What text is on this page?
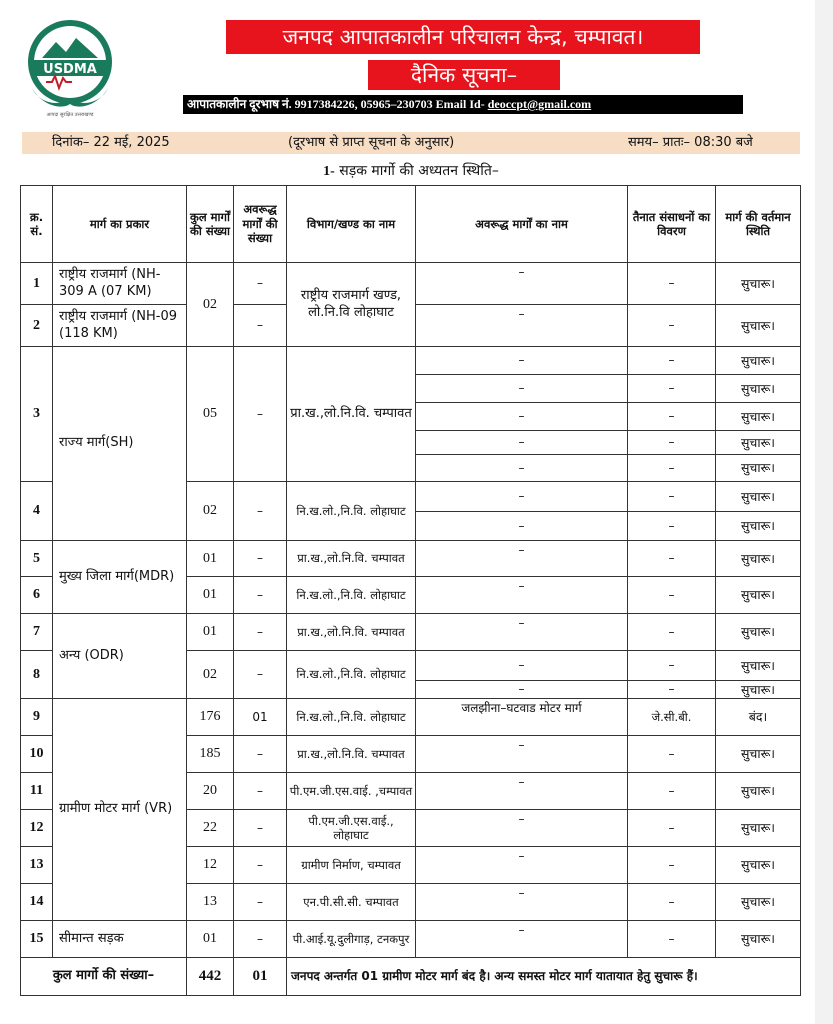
USDMA
आपदा सुरक्षित उत्तराखण्ड
जनपद आपातकालीन परिचालन केन्द्र, चम्पावत।
दैनिक सूचना–
आपातकालीन दूरभाष नं. 9917384226, 05965–230703 Email Id- deoccpt@gmail.com
दिनांक– 22 मई, 2025	(दूरभाष से प्राप्त सूचना के अनुसार)	समय– प्रातः– 08:30 बजे
1- सड़क मार्गो की अध्यतन स्थिति–
क्र. सं.	मार्ग का प्रकार	कुल मार्गों की संख्या	अवरूद्ध मार्गों की संख्या	विभाग/खण्ड का नाम	अवरूद्ध मार्गों का नाम	तैनात संसाधनों का विवरण	मार्ग की वर्तमान स्थिति
1	राष्ट्रीय राजमार्ग (NH-309 A (07 KM)	02	–	राष्ट्रीय राजमार्ग खण्ड, लो.नि.वि लोहाघाट	–	–	सुचारू।
2	राष्ट्रीय राजमार्ग (NH-09 (118 KM)		–		–	–	सुचारू।
3	राज्य मार्ग(SH)	05	–	प्रा.ख.,लो.नि.वि. चम्पावत	–	–	सुचारू।
					–	–	सुचारू।
					–	–	सुचारू।
					–	–	सुचारू।
					–	–	सुचारू।
4		02	–	नि.ख.लो.,नि.वि. लोहाघाट	–	–	सुचारू।
					–	–	सुचारू।
5	मुख्य जिला मार्ग(MDR)	01	–	प्रा.ख.,लो.नि.वि. चम्पावत	–	–	सुचारू।
6		01	–	नि.ख.लो.,नि.वि. लोहाघाट	–	–	सुचारू।
7	अन्य (ODR)	01	–	प्रा.ख.,लो.नि.वि. चम्पावत	–	–	सुचारू।
8		02	–	नि.ख.लो.,नि.वि. लोहाघाट	–	–	सुचारू।
					–	–	सुचारू।
9	ग्रामीण मोटर मार्ग (VR)	176	01	नि.ख.लो.,नि.वि. लोहाघाट	जलझीना–घटवाड मोटर मार्ग	जे.सी.बी.	बंद।
10		185	–	प्रा.ख.,लो.नि.वि. चम्पावत	–	–	सुचारू।
11		20	–	पी.एम.जी.एस.वाई. ,चम्पावत	–	–	सुचारू।
12		22	–	पी.एम.जी.एस.वाई., लोहाघाट	–	–	सुचारू।
13		12	–	ग्रामीण निर्माण, चम्पावत	–	–	सुचारू।
14		13	–	एन.पी.सी.सी. चम्पावत	–	–	सुचारू।
15	सीमान्त सड़क	01	–	पी.आई.यू.दुलीगाड़, टनकपुर	–	–	सुचारू।
कुल मार्गो की संख्या–		442	01	जनपद अन्तर्गत 01 ग्रामीण मोटर मार्ग बंद है। अन्य समस्त मोटर मार्ग यातायात हेतु सुचारू हैं।			
